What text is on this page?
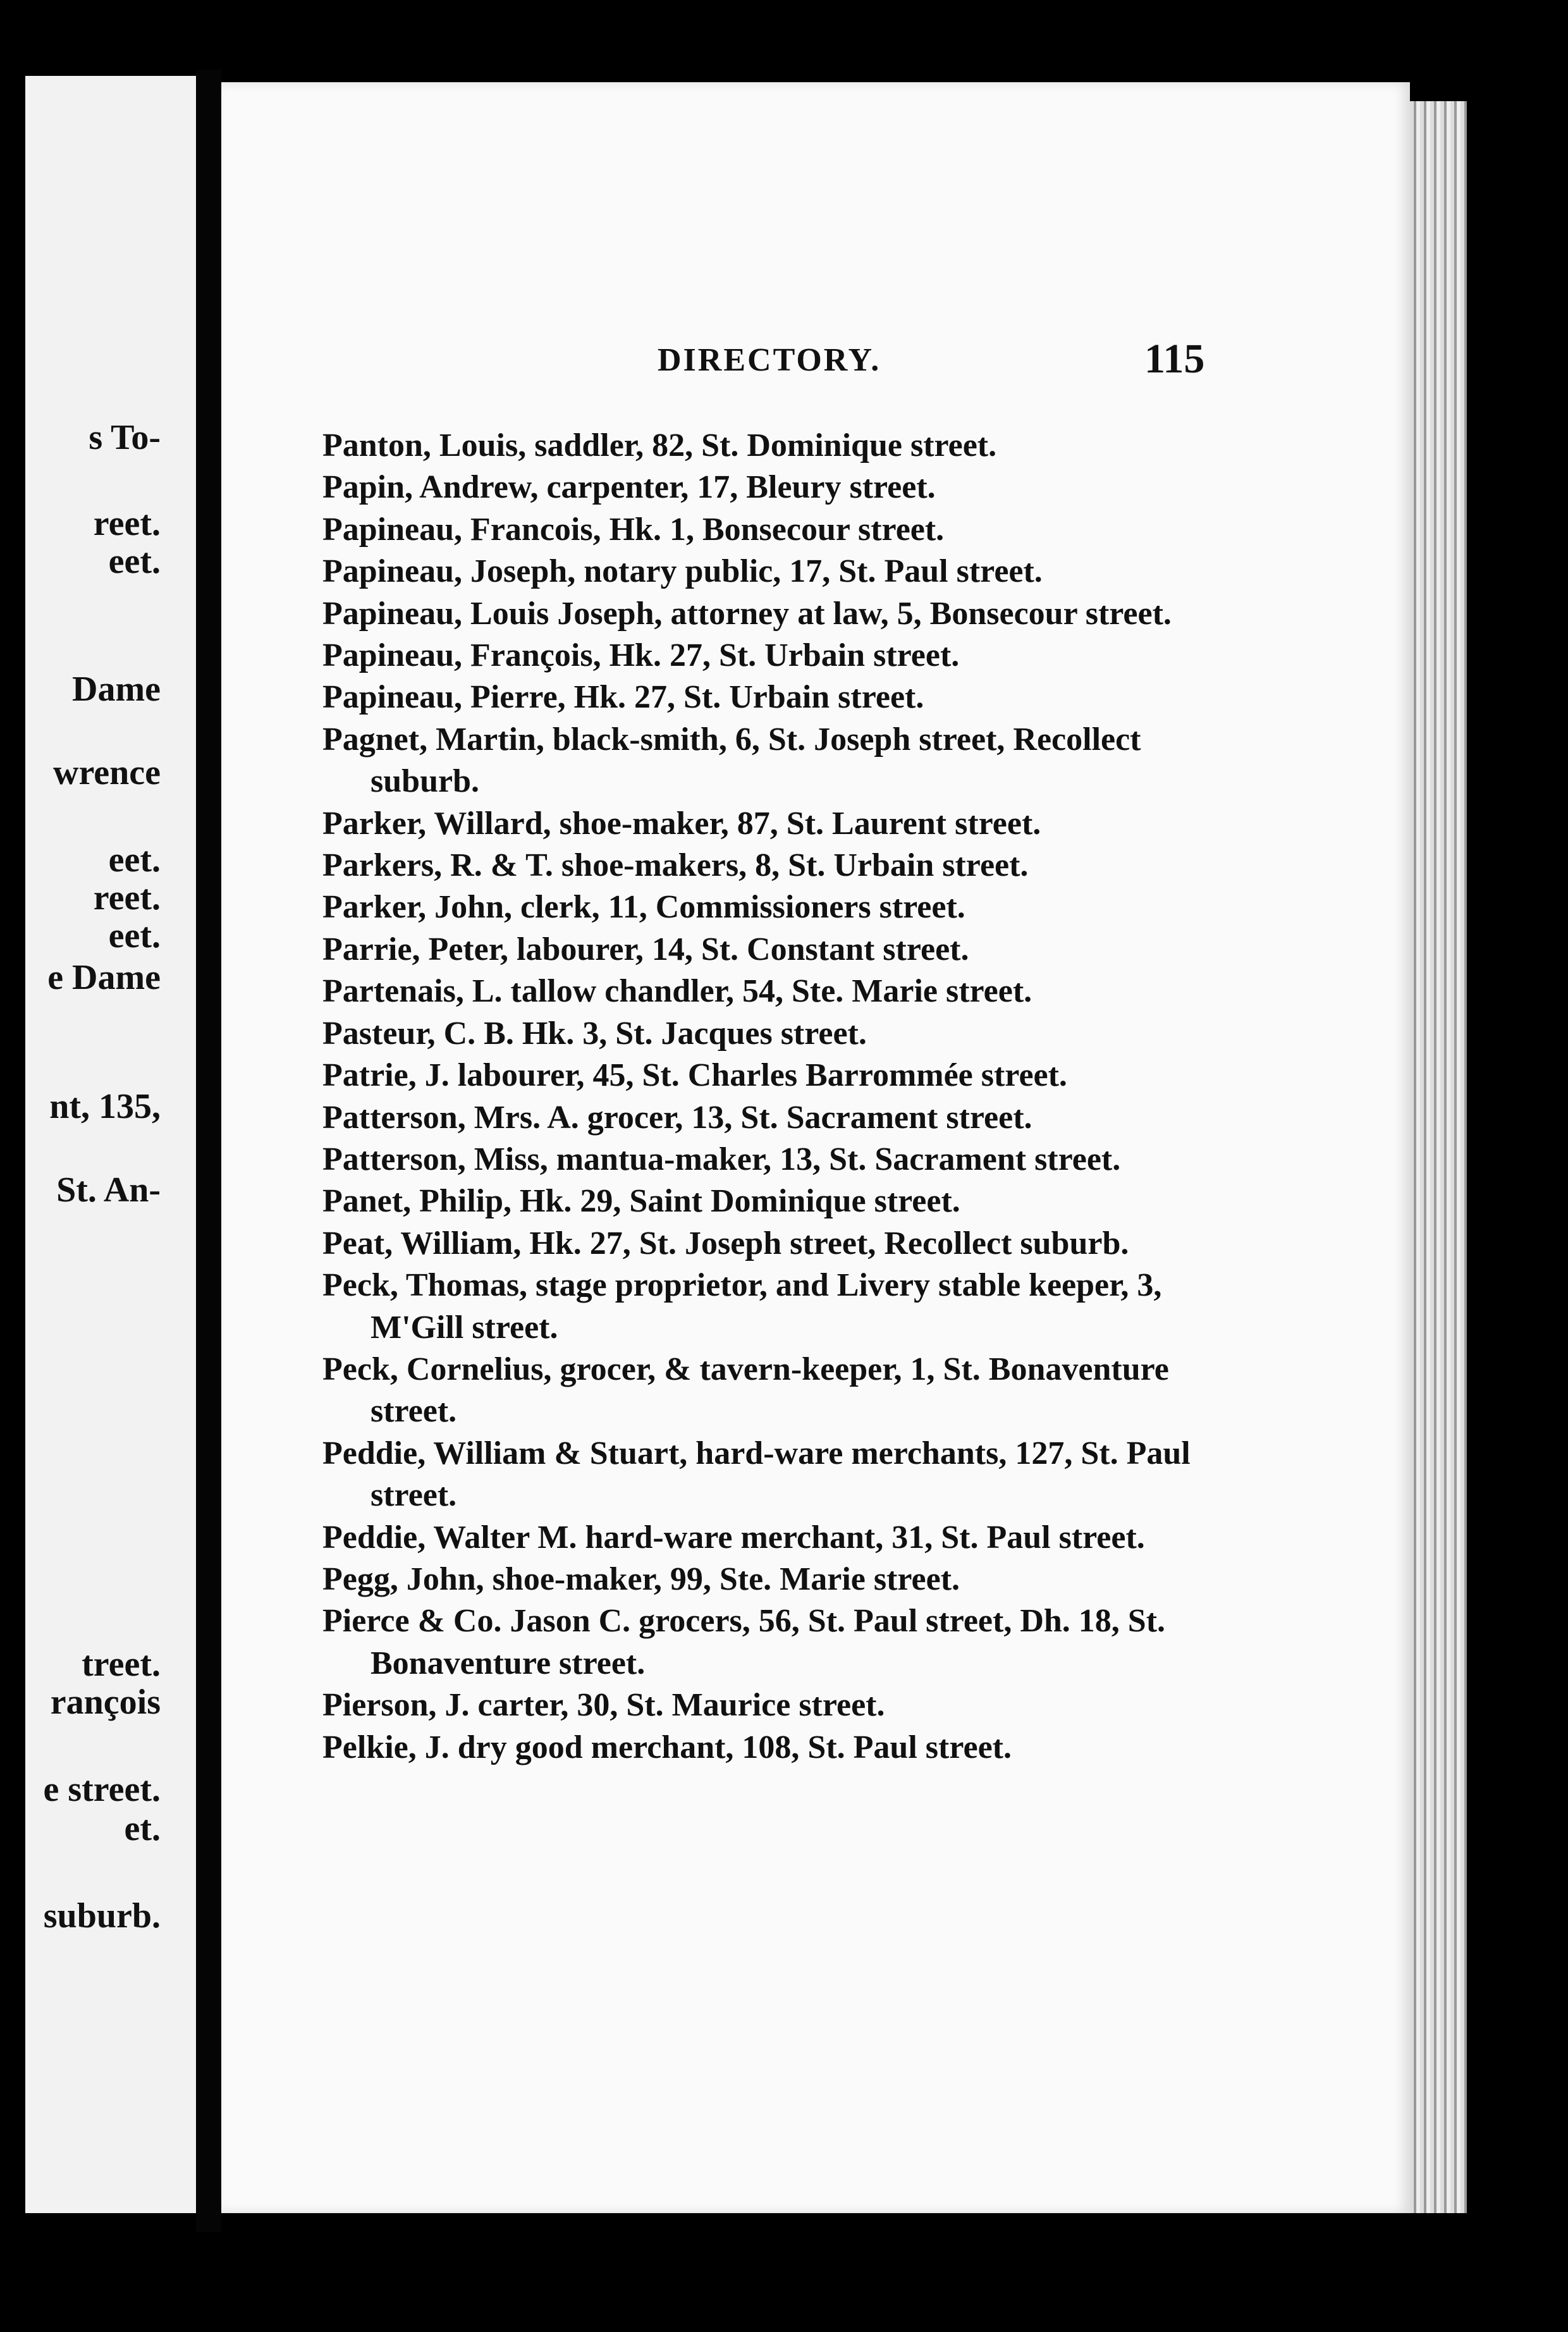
s To-
reet.
eet.
Dame
wrence
eet.
reet.
eet.
e Dame
nt, 135,
St. An-
treet.
rançois
e street.
et.
suburb.
DIRECTORY.	115
Panton, Louis, saddler, 82, St. Dominique street.
Papin, Andrew, carpenter, 17, Bleury street.
Papineau, Francois, Hk. 1, Bonsecour street.
Papineau, Joseph, notary public, 17, St. Paul street.
Papineau, Louis Joseph, attorney at law, 5, Bonsecour street.
Papineau, François, Hk. 27, St. Urbain street.
Papineau, Pierre, Hk. 27, St. Urbain street.
Pagnet, Martin, black-smith, 6, St. Joseph street, Recollect suburb.
Parker, Willard, shoe-maker, 87, St. Laurent street.
Parkers, R. & T. shoe-makers, 8, St. Urbain street.
Parker, John, clerk, 11, Commissioners street.
Parrie, Peter, labourer, 14, St. Constant street.
Partenais, L. tallow chandler, 54, Ste. Marie street.
Pasteur, C. B. Hk. 3, St. Jacques street.
Patrie, J. labourer, 45, St. Charles Barrommée street.
Patterson, Mrs. A. grocer, 13, St. Sacrament street.
Patterson, Miss, mantua-maker, 13, St. Sacrament street.
Panet, Philip, Hk. 29, Saint Dominique street.
Peat, William, Hk. 27, St. Joseph street, Recollect suburb.
Peck, Thomas, stage proprietor, and Livery stable keeper, 3, M'Gill street.
Peck, Cornelius, grocer, & tavern-keeper, 1, St. Bonaventure street.
Peddie, William & Stuart, hard-ware merchants, 127, St. Paul street.
Peddie, Walter M. hard-ware merchant, 31, St. Paul street.
Pegg, John, shoe-maker, 99, Ste. Marie street.
Pierce & Co. Jason C. grocers, 56, St. Paul street, Dh. 18, St. Bonaventure street.
Pierson, J. carter, 30, St. Maurice street.
Pelkie, J. dry good merchant, 108, St. Paul street.
